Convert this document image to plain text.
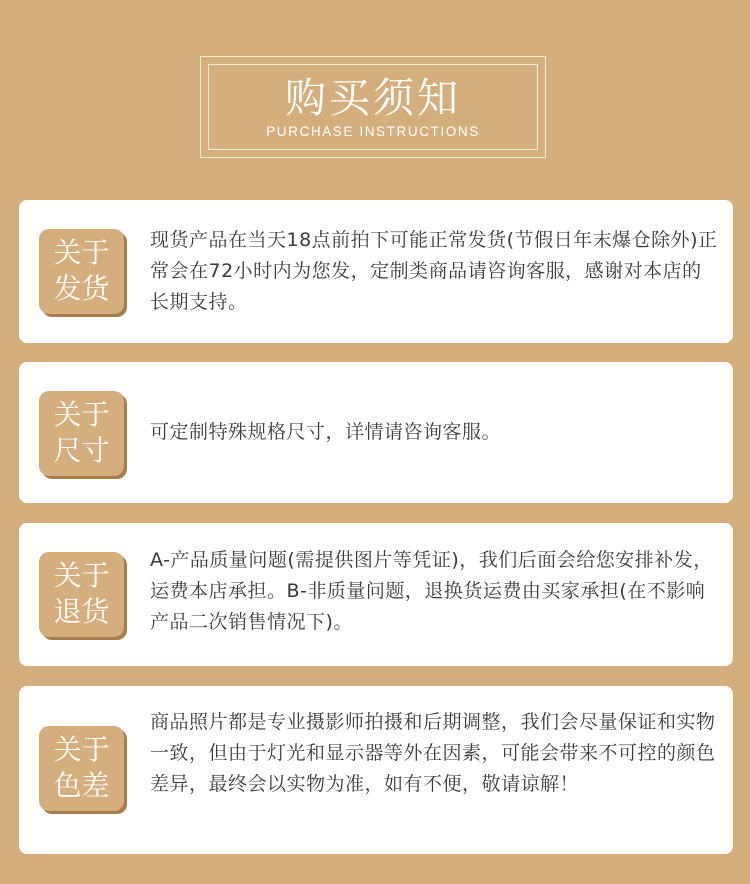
购买须知
PURCHASE INSTRUCTIONS
关于
发货
现货产品在当天18点前拍下可能正常发货(节假日年末爆仓除外)正常会在72小时内为您发，定制类商品请咨询客服，感谢对本店的长期支持。
关于
尺寸
可定制特殊规格尺寸，详情请咨询客服。
关于
退货
A-产品质量问题(需提供图片等凭证)，我们后面会给您安排补发，运费本店承担。B-非质量问题，退换货运费由买家承担(在不影响产品二次销售情况下)。
关于
色差
商品照片都是专业摄影师拍摄和后期调整，我们会尽量保证和实物一致，但由于灯光和显示器等外在因素，可能会带来不可控的颜色差异，最终会以实物为准，如有不便，敬请谅解！
